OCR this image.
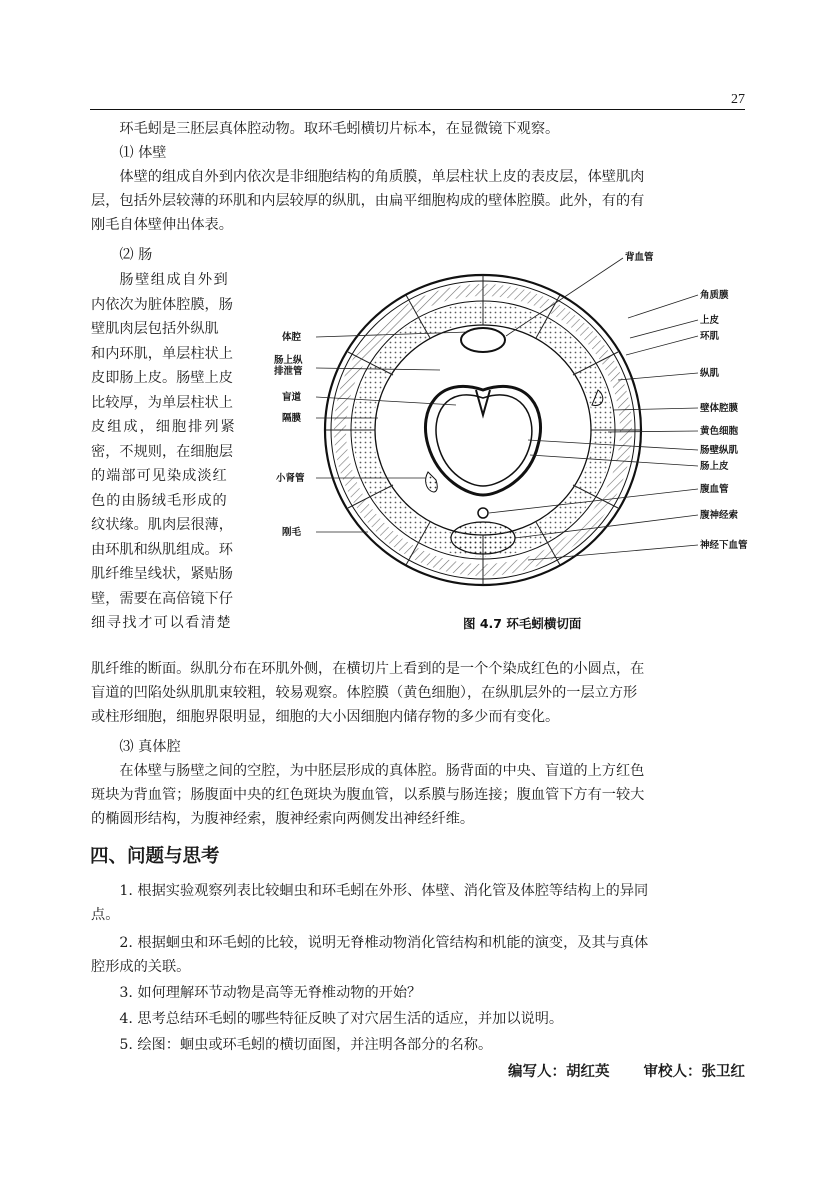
27

环毛蚓是三胚层真体腔动物。取环毛蚓横切片标本，在显微镜下观察。

⑴ 体壁

体壁的组成自外到内依次是非细胞结构的角质膜，单层柱状上皮的表皮层，体壁肌肉

层，包括外层较薄的环肌和内层较厚的纵肌，由扁平细胞构成的壁体腔膜。此外，有的有

刚毛自体壁伸出体表。

⑵ 肠

肠壁组成自外到

内依次为脏体腔膜，肠

壁肌肉层包括外纵肌

和内环肌，单层柱状上

皮即肠上皮。肠壁上皮

比较厚，为单层柱状上

皮组成，细胞排列紧

密，不规则，在细胞层

的端部可见染成淡红

色的由肠绒毛形成的

纹状缘。肌肉层很薄，

由环肌和纵肌组成。环

肌纤维呈线状，紧贴肠

壁，需要在高倍镜下仔

细寻找才可以看清楚

肌纤维的断面。纵肌分布在环肌外侧，在横切片上看到的是一个个染成红色的小圆点，在

盲道的凹陷处纵肌肌束较粗，较易观察。体腔膜（黄色细胞），在纵肌层外的一层立方形

或柱形细胞，细胞界限明显，细胞的大小因细胞内储存物的多少而有变化。

⑶ 真体腔

在体壁与肠壁之间的空腔，为中胚层形成的真体腔。肠背面的中央、盲道的上方红色

斑块为背血管；肠腹面中央的红色斑块为腹血管，以系膜与肠连接；腹血管下方有一较大

的椭圆形结构，为腹神经索，腹神经索向两侧发出神经纤维。

背血管
角质膜
上皮
环肌
纵肌
壁体腔膜
黄色细胞
肠壁纵肌
肠上皮
腹血管
腹神经索
神经下血管
体腔
肠上纵
排泄管
盲道
隔膜
小肾管
刚毛
图 4.7 环毛蚓横切面
四、问题与思考

1. 根据实验观察列表比较蛔虫和环毛蚓在外形、体壁、消化管及体腔等结构上的异同

点。

2. 根据蛔虫和环毛蚓的比较，说明无脊椎动物消化管结构和机能的演变，及其与真体

腔形成的关联。

3. 如何理解环节动物是高等无脊椎动物的开始？

4. 思考总结环毛蚓的哪些特征反映了对穴居生活的适应，并加以说明。

5. 绘图：蛔虫或环毛蚓的横切面图，并注明各部分的名称。

编写人：胡红英 审校人：张卫红
